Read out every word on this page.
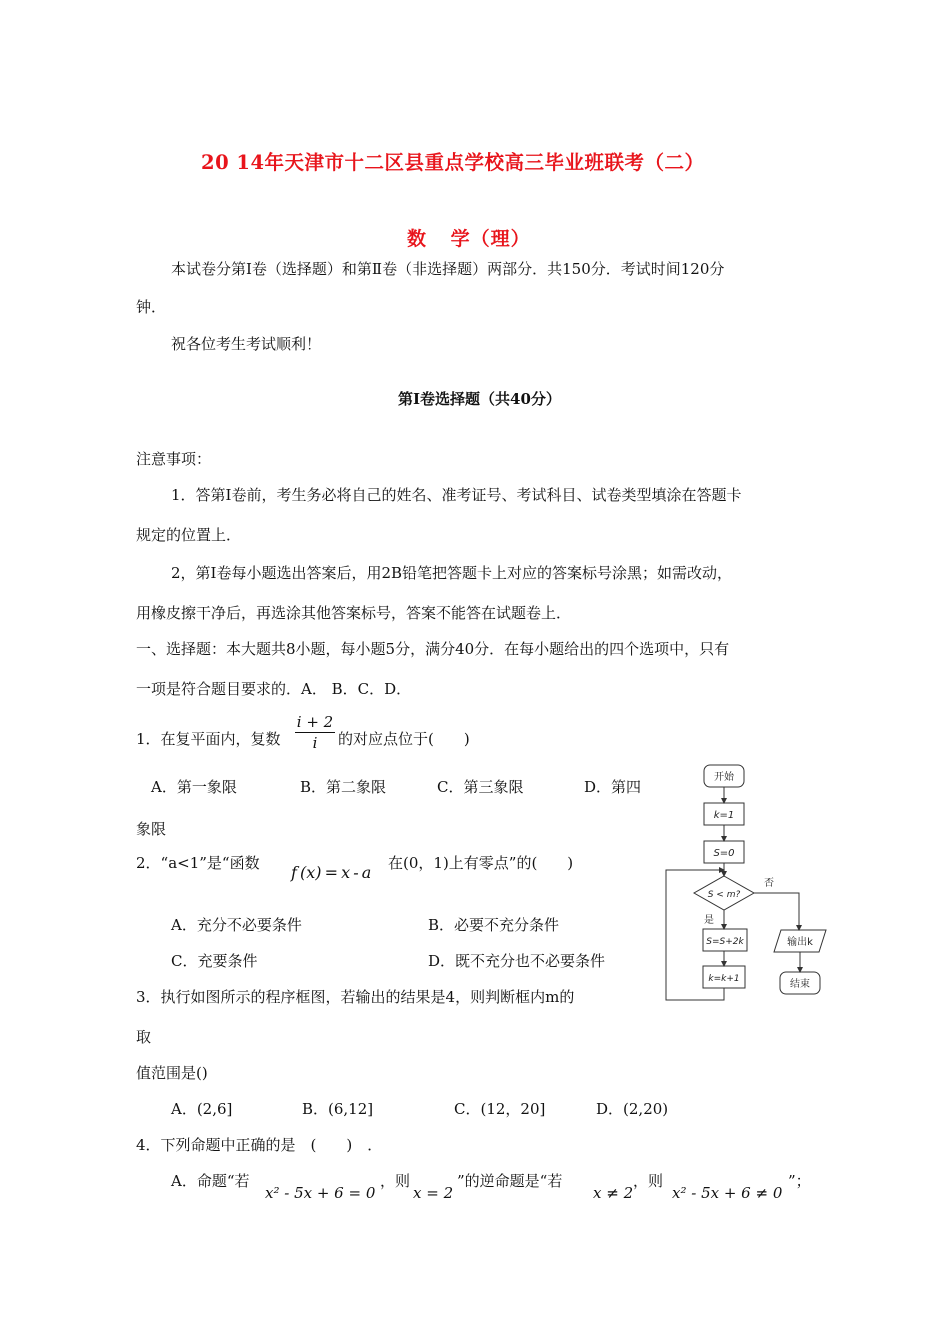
20 14年天津市十二区县重点学校高三毕业班联考（二）
数 学（理）
本试卷分第Ⅰ卷（选择题）和第Ⅱ卷（非选择题）两部分．共150分．考试时间120分
钟．
祝各位考生考试顺利！
第Ⅰ卷选择题（共40分）
注意事项：
1．答第Ⅰ卷前，考生务必将自己的姓名、准考证号、考试科目、试卷类型填涂在答题卡
规定的位置上．
2，第Ⅰ卷每小题选出答案后，用2B铅笔把答题卡上对应的答案标号涂黑；如需改动，
用橡皮擦干净后，再选涂其他答案标号，答案不能答在试题卷上．
一、选择题：本大题共8小题，每小题5分，满分40分．在每小题给出的四个选项中，只有
一项是符合题目要求的．A． B．C．D．
1．在复平面内，复数
i + 2
i	的对应点位于(　　)
A．第一象限	B．第二象限	C．第三象限	D．第四
象限
2．“a<1”是“函数 f (x) = x - a 在(0，1)上有零点”的(　　)
A．充分不必要条件	B．必要不充分条件
C．充要条件	D．既不充分也不必要条件
3．执行如图所示的程序框图，若输出的结果是4，则判断框内m的
取
值范围是()
A．(2,6]	B．(6,12]	C．(12，20]	D．(2,20)
4．下列命题中正确的是　(　　)　．
A．命题“若
x² - 5x + 6 = 0
，则
x = 2
”的逆命题是“若
x ≠ 2
，则
x² - 5x + 6 ≠ 0
”；
开始
k=1
S=0
S < m?
否
是
S=S+2k	输出k
k=k+1	结束
